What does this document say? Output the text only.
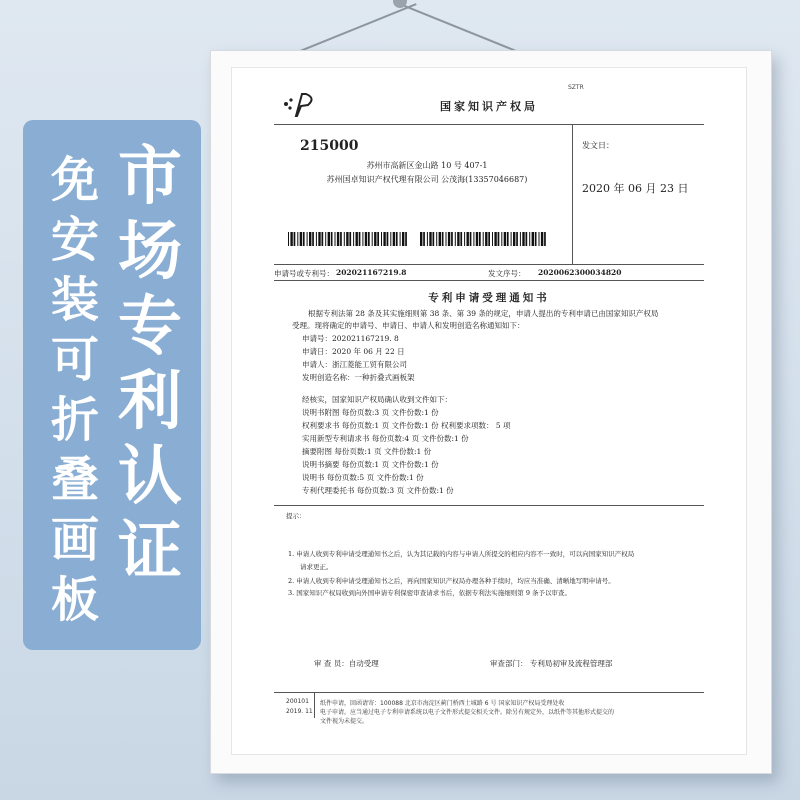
免
安
装
可
折
叠
画
板
市
场
专
利
认
证
SZTR
国家知识产权局
215000
苏州市高新区金山路 10 号 407-1
苏州国卓知识产权代理有限公司 公茂海(13357046687)
发文日：
2020 年 06 月 23 日
申请号或专利号： 202021167219.8	发文序号： 2020062300034820
专利申请受理通知书
根据专利法第 28 条及其实施细则第 38 条、第 39 条的规定，申请人提出的专利申请已由国家知识产权局
受理。现将确定的申请号、申请日、申请人和发明创造名称通知如下：
申请号：202021167219. 8
申请日：2020 年 06 月 22 日
申请人：浙江菱能工贸有限公司
发明创造名称：一种折叠式画板架
经核实，国家知识产权局确认收到文件如下：
说明书附图 每份页数:3 页 文件份数:1 份
权利要求书 每份页数:1 页 文件份数:1 份 权利要求项数： 5 项
实用新型专利请求书 每份页数:4 页 文件份数:1 份
摘要附图 每份页数:1 页 文件份数:1 份
说明书摘要 每份页数:1 页 文件份数:1 份
说明书 每份页数:5 页 文件份数:1 份
专利代理委托书 每份页数:3 页 文件份数:1 份
提示：
1. 申请人收到专利申请受理通知书之后，认为其记载的内容与申请人所提交的相应内容不一致时，可以向国家知识产权局
请求更正。
2. 申请人收到专利申请受理通知书之后，再向国家知识产权局办理各种手续时，均应当准确、清晰地写明申请号。
3. 国家知识产权局收到向外国申请专利保密审查请求书后，依据专利法实施细则第 9 条予以审查。
审 查 员：自动受理	审查部门： 专利局初审及流程管理部
200101
2019. 11
纸件申请，回函请寄：100088 北京市海淀区蓟门桥西土城路 6 号 国家知识产权局受理处收
电子申请，应当通过电子专利申请系统以电子文件形式提交相关文件。除另有规定外，以纸件等其他形式提交的
文件视为未提交。
